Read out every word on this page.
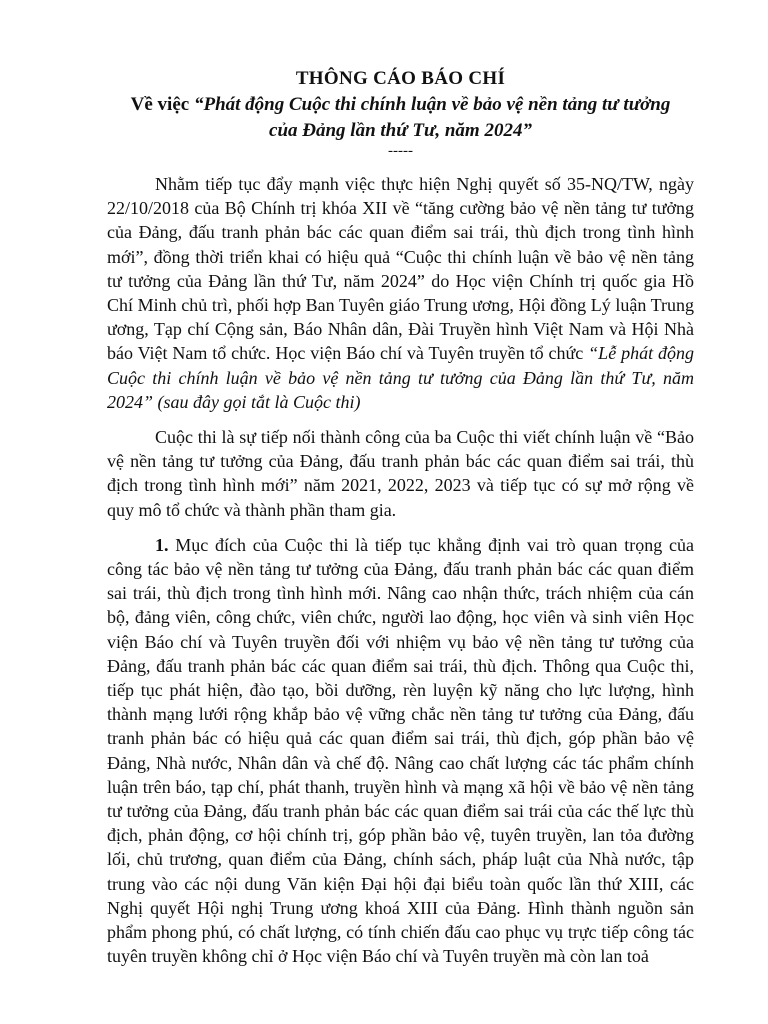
THÔNG CÁO BÁO CHÍ
Về việc “Phát động Cuộc thi chính luận về bảo vệ nền tảng tư tưởng
của Đảng lần thứ Tư, năm 2024”
-----

Nhằm tiếp tục đẩy mạnh việc thực hiện Nghị quyết số 35-NQ/TW, ngày 22/10/2018 của Bộ Chính trị khóa XII về “tăng cường bảo vệ nền tảng tư tưởng của Đảng, đấu tranh phản bác các quan điểm sai trái, thù địch trong tình hình mới”, đồng thời triển khai có hiệu quả “Cuộc thi chính luận về bảo vệ nền tảng tư tưởng của Đảng lần thứ Tư, năm 2024” do Học viện Chính trị quốc gia Hồ Chí Minh chủ trì, phối hợp Ban Tuyên giáo Trung ương, Hội đồng Lý luận Trung ương, Tạp chí Cộng sản, Báo Nhân dân, Đài Truyền hình Việt Nam và Hội Nhà báo Việt Nam tổ chức. Học viện Báo chí và Tuyên truyền tổ chức “Lễ phát động Cuộc thi chính luận về bảo vệ nền tảng tư tưởng của Đảng lần thứ Tư, năm 2024” (sau đây gọi tắt là Cuộc thi)

Cuộc thi là sự tiếp nối thành công của ba Cuộc thi viết chính luận về “Bảo vệ nền tảng tư tưởng của Đảng, đấu tranh phản bác các quan điểm sai trái, thù địch trong tình hình mới” năm 2021, 2022, 2023 và tiếp tục có sự mở rộng về quy mô tổ chức và thành phần tham gia.

1. Mục đích của Cuộc thi là tiếp tục khẳng định vai trò quan trọng của công tác bảo vệ nền tảng tư tưởng của Đảng, đấu tranh phản bác các quan điểm sai trái, thù địch trong tình hình mới. Nâng cao nhận thức, trách nhiệm của cán bộ, đảng viên, công chức, viên chức, người lao động, học viên và sinh viên Học viện Báo chí và Tuyên truyền đối với nhiệm vụ bảo vệ nền tảng tư tưởng của Đảng, đấu tranh phản bác các quan điểm sai trái, thù địch. Thông qua Cuộc thi, tiếp tục phát hiện, đào tạo, bồi dưỡng, rèn luyện kỹ năng cho lực lượng, hình thành mạng lưới rộng khắp bảo vệ vững chắc nền tảng tư tưởng của Đảng, đấu tranh phản bác có hiệu quả các quan điểm sai trái, thù địch, góp phần bảo vệ Đảng, Nhà nước, Nhân dân và chế độ. Nâng cao chất lượng các tác phẩm chính luận trên báo, tạp chí, phát thanh, truyền hình và mạng xã hội về bảo vệ nền tảng tư tưởng của Đảng, đấu tranh phản bác các quan điểm sai trái của các thế lực thù địch, phản động, cơ hội chính trị, góp phần bảo vệ, tuyên truyền, lan tỏa đường lối, chủ trương, quan điểm của Đảng, chính sách, pháp luật của Nhà nước, tập trung vào các nội dung Văn kiện Đại hội đại biểu toàn quốc lần thứ XIII, các Nghị quyết Hội nghị Trung ương khoá XIII của Đảng. Hình thành nguồn sản phẩm phong phú, có chất lượng, có tính chiến đấu cao phục vụ trực tiếp công tác tuyên truyền không chỉ ở Học viện Báo chí và Tuyên truyền mà còn lan toả
